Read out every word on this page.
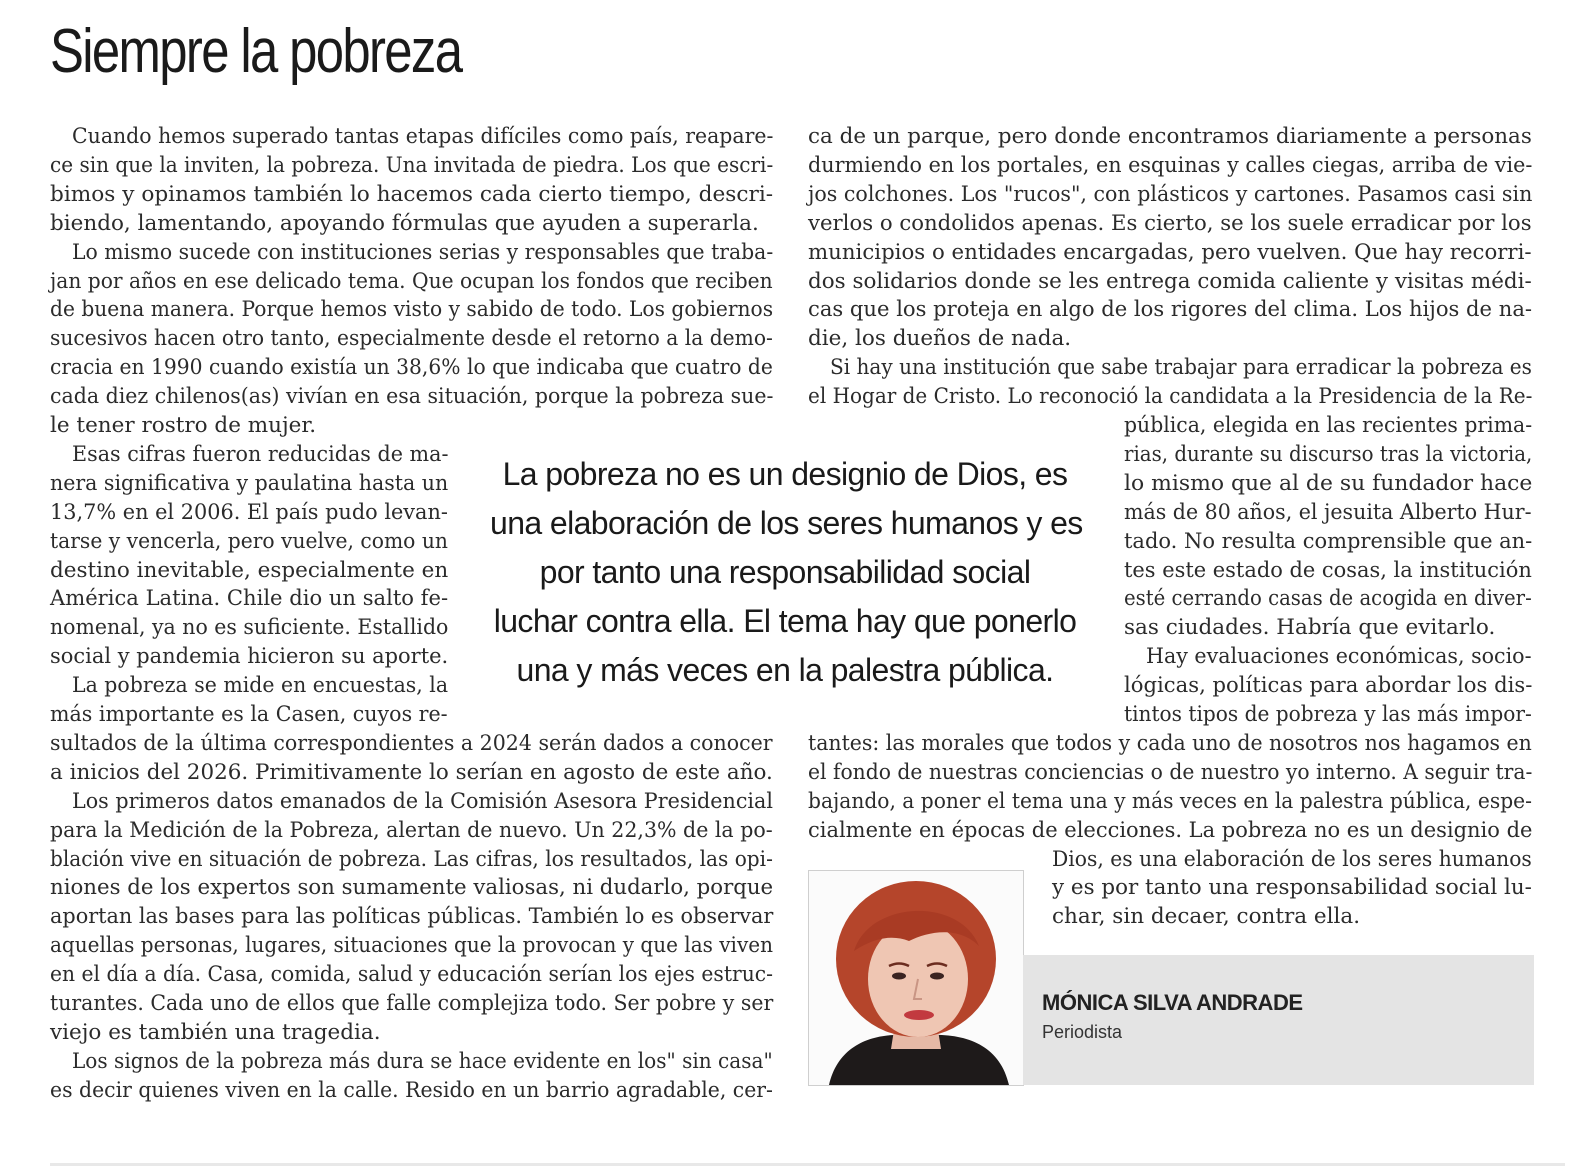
Siempre la pobreza
Cuando hemos superado tantas etapas difíciles como país, reapare-
ce sin que la inviten, la pobreza. Una invitada de piedra. Los que escri-
bimos y opinamos también lo hacemos cada cierto tiempo, descri-
biendo, lamentando, apoyando fórmulas que ayuden a superarla.
Lo mismo sucede con instituciones serias y responsables que traba-
jan por años en ese delicado tema. Que ocupan los fondos que reciben
de buena manera. Porque hemos visto y sabido de todo. Los gobiernos
sucesivos hacen otro tanto, especialmente desde el retorno a la demo-
cracia en 1990 cuando existía un 38,6% lo que indicaba que cuatro de
cada diez chilenos(as) vivían en esa situación, porque la pobreza sue-
le tener rostro de mujer.
Esas cifras fueron reducidas de ma-
nera significativa y paulatina hasta un
13,7% en el 2006. El país pudo levan-
tarse y vencerla, pero vuelve, como un
destino inevitable, especialmente en
América Latina. Chile dio un salto fe-
nomenal, ya no es suficiente. Estallido
social y pandemia hicieron su aporte.
La pobreza se mide en encuestas, la
más importante es la Casen, cuyos re-
sultados de la última correspondientes a 2024 serán dados a conocer
a inicios del 2026. Primitivamente lo serían en agosto de este año.
Los primeros datos emanados de la Comisión Asesora Presidencial
para la Medición de la Pobreza, alertan de nuevo. Un 22,3% de la po-
blación vive en situación de pobreza. Las cifras, los resultados, las opi-
niones de los expertos son sumamente valiosas, ni dudarlo, porque
aportan las bases para las políticas públicas. También lo es observar
aquellas personas, lugares, situaciones que la provocan y que las viven
en el día a día. Casa, comida, salud y educación serían los ejes estruc-
turantes. Cada uno de ellos que falle complejiza todo. Ser pobre y ser
viejo es también una tragedia.
Los signos de la pobreza más dura se hace evidente en los" sin casa"
es decir quienes viven en la calle. Resido en un barrio agradable, cer-
ca de un parque, pero donde encontramos diariamente a personas
durmiendo en los portales, en esquinas y calles ciegas, arriba de vie-
jos colchones. Los "rucos", con plásticos y cartones. Pasamos casi sin
verlos o condolidos apenas. Es cierto, se los suele erradicar por los
municipios o entidades encargadas, pero vuelven. Que hay recorri-
dos solidarios donde se les entrega comida caliente y visitas médi-
cas que los proteja en algo de los rigores del clima. Los hijos de na-
die, los dueños de nada.
Si hay una institución que sabe trabajar para erradicar la pobreza es
el Hogar de Cristo. Lo reconoció la candidata a la Presidencia de la Re-
pública, elegida en las recientes prima-
rias, durante su discurso tras la victoria,
lo mismo que al de su fundador hace
más de 80 años, el jesuita Alberto Hur-
tado. No resulta comprensible que an-
tes este estado de cosas, la institución
esté cerrando casas de acogida en diver-
sas ciudades. Habría que evitarlo.
Hay evaluaciones económicas, socio-
lógicas, políticas para abordar los dis-
tintos tipos de pobreza y las más impor-
tantes: las morales que todos y cada uno de nosotros nos hagamos en
el fondo de nuestras conciencias o de nuestro yo interno. A seguir tra-
bajando, a poner el tema una y más veces en la palestra pública, espe-
cialmente en épocas de elecciones. La pobreza no es un designio de
Dios, es una elaboración de los seres humanos
y es por tanto una responsabilidad social lu-
char, sin decaer, contra ella.
La pobreza no es un designio de Dios, es
una elaboración de los seres humanos y es
por tanto una responsabilidad social
luchar contra ella. El tema hay que ponerlo
una y más veces en la palestra pública.
MÓNICA SILVA ANDRADE
Periodista
